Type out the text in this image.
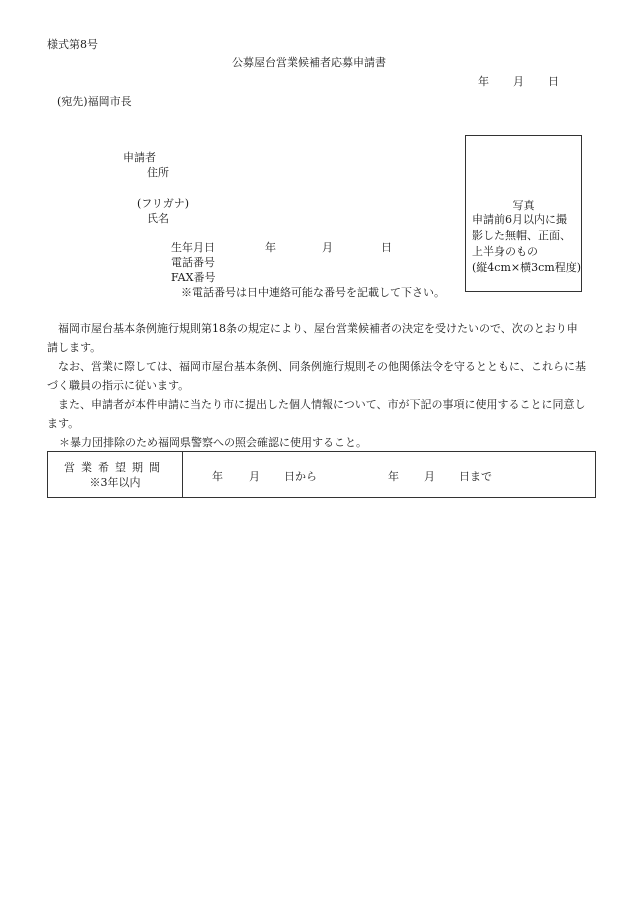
様式第8号
公募屋台営業候補者応募申請書
年 月 日
(宛先)福岡市長
申請者
住所
(フリガナ)
氏名
生年月日	年	月	日
電話番号
FAX番号
※電話番号は日中連絡可能な番号を記載して下さい。
写真
申請前6月以内に撮
影した無帽、正面、
上半身のもの
(縦4cm×横3cm程度)
福岡市屋台基本条例施行規則第18条の規定により、屋台営業候補者の決定を受けたいので、次のとおり申請します。
なお、営業に際しては、福岡市屋台基本条例、同条例施行規則その他関係法令を守るとともに、これらに基づく職員の指示に従います。
また、申請者が本件申請に当たり市に提出した個人情報について、市が下記の事項に使用することに同意します。
＊暴力団排除のため福岡県警察への照会確認に使用すること。
営業希望期間
※3年以内	年 月 日から	年 月 日まで
